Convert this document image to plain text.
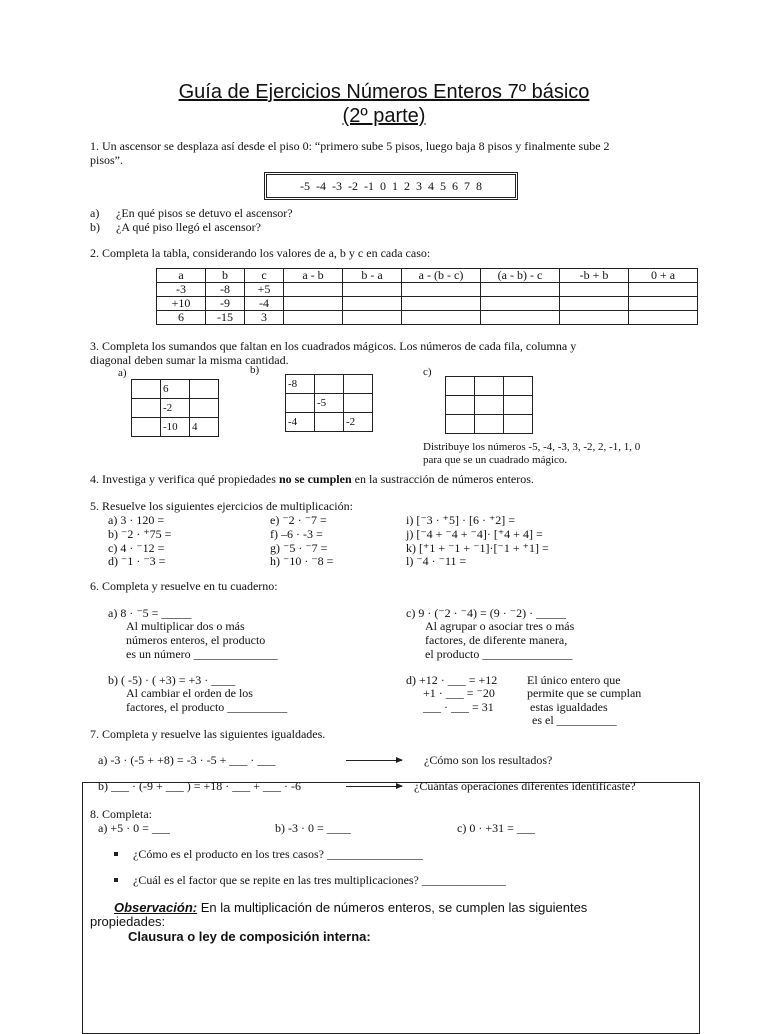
Guía de Ejercicios Números Enteros 7º básico
(2º parte)
1. Un ascensor se desplaza así desde el piso 0: “primero sube 5 pisos, luego baja 8 pisos y finalmente sube 2
pisos”.
-5 -4 -3 -2 -1 0 1 2 3 4 5 6 7 8
a) ¿En qué pisos se detuvo el ascensor?
b) ¿A qué piso llegó el ascensor?
2. Completa la tabla, considerando los valores de a, b y c en cada caso:
a	b	c	a - b	b - a	a - (b - c)	(a - b) - c	-b + b	0 + a
-3	-8	+5						
+10	-9	-4						
6	-15	3						
3. Completa los sumandos que faltan en los cuadrados mágicos. Los números de cada fila, columna y
diagonal deben sumar la misma cantidad.
a)	b)	c)
	6	
	-2	
	-10	4
-8		
	-5	
-4		-2

Distribuye los números -5, -4, -3, 3, -2, 2, -1, 1, 0
para que se un cuadrado mágico.
4. Investiga y verifica qué propiedades no se cumplen en la sustracción de números enteros.
5. Resuelve los siguientes ejercicios de multiplicación:
a) 3 · 120 =
b) ⁻2 · ⁺75 =
c) 4 · ⁻12 =
d) ⁻1 · ⁻3 =
e) ⁻2 · ⁻7 =
f) –6 · -3 =
g) ⁻5 · ⁻7 =
h) ⁻10 · ⁻8 =
i) [⁻3 · ⁺5] · [6 · ⁺2] =
j) [⁻4 + ⁻4 + ⁻4]· [⁺4 + 4] =
k) [⁺1 + ⁻1 + ⁻1]·[⁻1 + ⁺1] =
l) ⁻4 · ⁻11 =
6. Completa y resuelve en tu cuaderno:
a) 8 · ⁻5 = _____
Al multiplicar dos o más
números enteros, el producto
es un número ______________
c) 9 · (⁻2 · ⁻4) = (9 · ⁻2) · _____
Al agrupar o asociar tres o más
factores, de diferente manera,
el producto _______________
b) ( -5) · ( +3) = +3 · ____
Al cambiar el orden de los
factores, el producto __________
d) +12 · ___ = +12
+1 · ___ = ⁻20
___ · ___ = 31
El único entero que
permite que se cumplan
estas igualdades
es el __________
7. Completa y resuelve las siguientes igualdades.
a) -3 · (-5 + +8) = -3 · -5 + ___ · ___	¿Cómo son los resultados?
b) ___ · (-9 + ___ ) = +18 · ___ + ___ · -6	¿Cuántas operaciones diferentes identificaste?
8. Completa:
a) +5 · 0 = ___	b) -3 · 0 = ____	c) 0 · +31 = ___
¿Cómo es el producto en los tres casos? ________________
¿Cuál es el factor que se repite en las tres multiplicaciones? ______________
Observación: En la multiplicación de números enteros, se cumplen las siguientes
propiedades:
Clausura o ley de composición interna:
